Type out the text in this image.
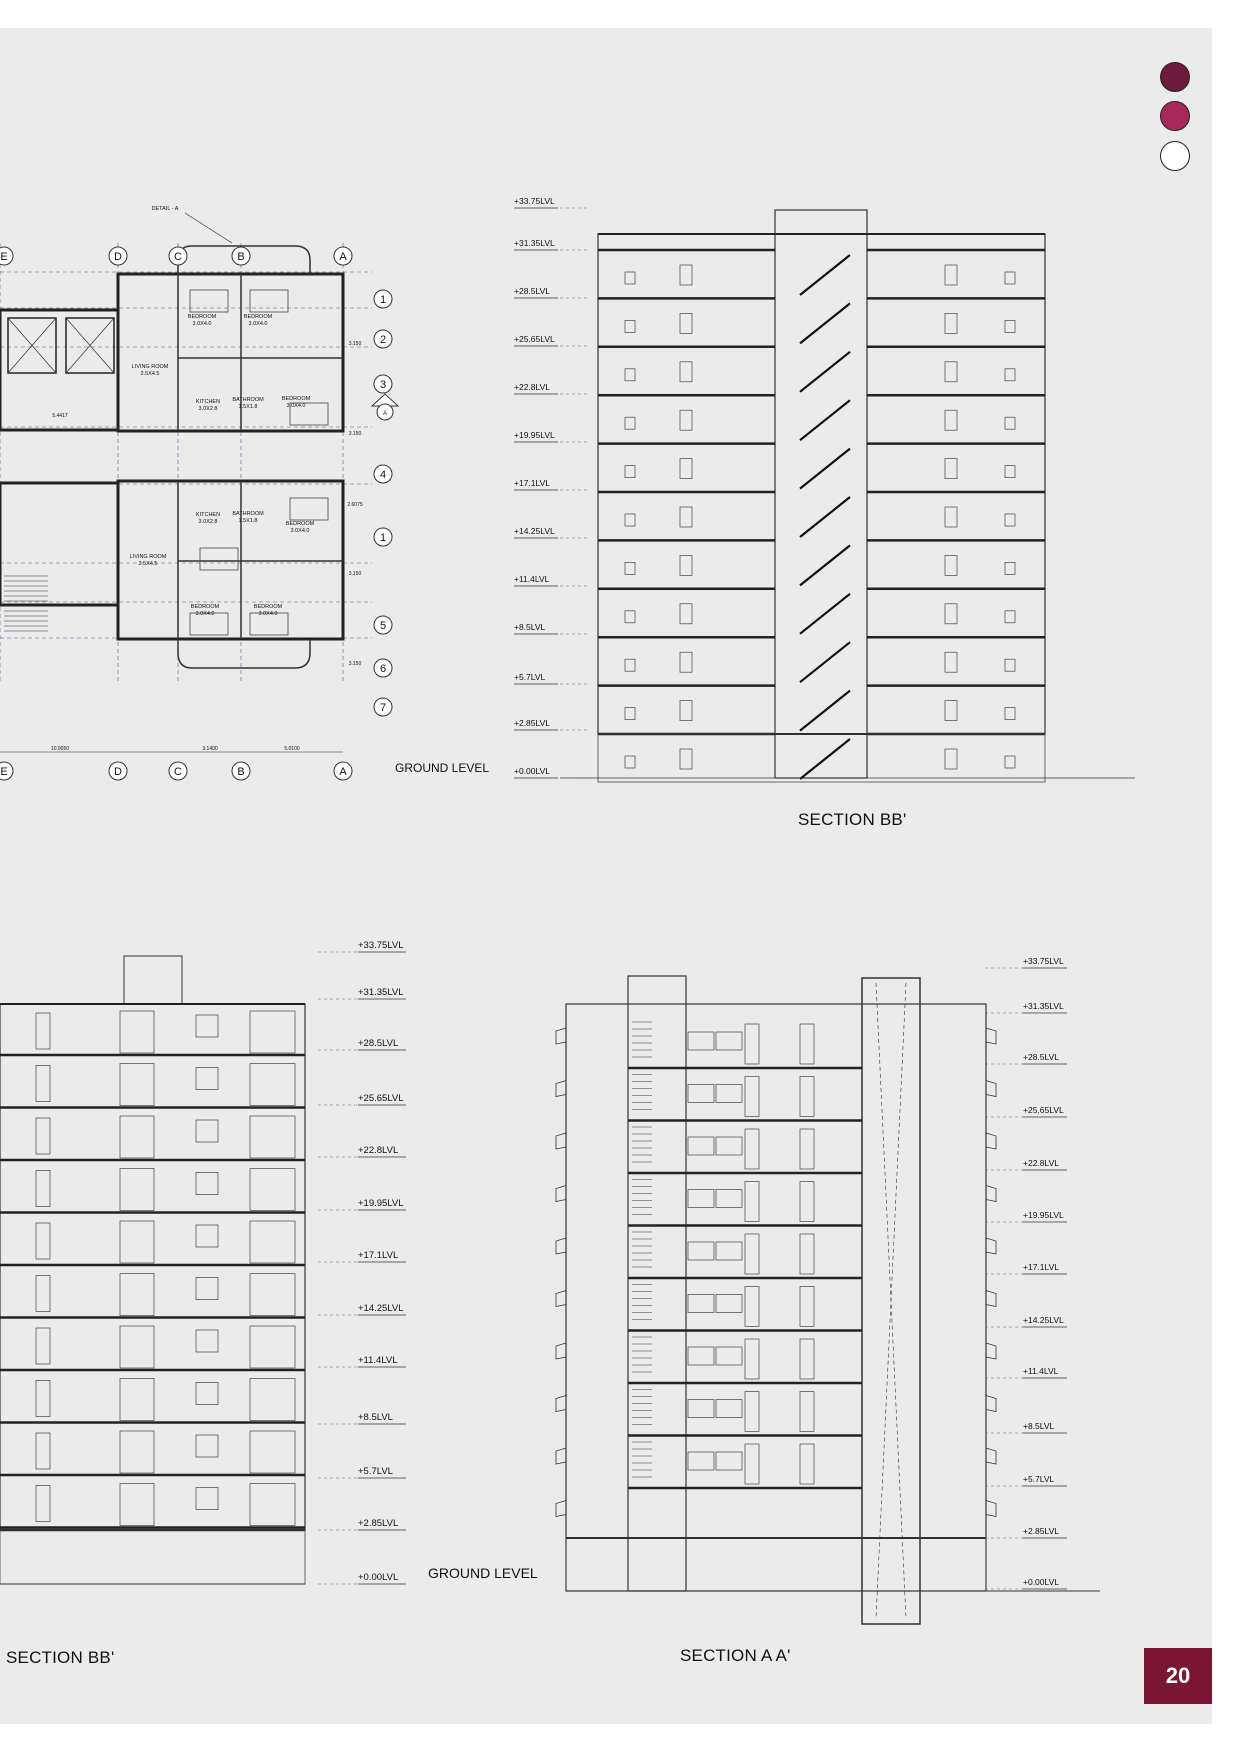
BEDROOM
3.0X4.0
BEDROOM
3.0X4.0
LIVING ROOM
2.5X4.5
KITCHEN
3.0X2.8
BATHROOM
1.5X1.8
BEDROOM
3.0X4.0
KITCHEN
3.0X2.8
BATHROOM
1.5X1.8	BEDROOM
3.0X4.0
LIVING ROOM
2.5X4.5
BEDROOM
3.0X4.0
BEDROOM
3.0X4.0
DETAIL - A
E	D	C	B	A
E	D	C	B	A
1
2
3
4
1
5
6
7
A
10.9050	3.1400	5.0100
5.4417
2.6075
3.150
3.150
3.150
3.150
GROUND LEVEL
+33.75LVL
+31.35LVL
+28.5LVL
+25.65LVL
+22.8LVL
+19.95LVL
+17.1LVL
+14.25LVL
+11.4LVL
+8.5LVL
+5.7LVL
+2.85LVL
+0.00LVL
GROUND LEVEL
+33.75LVL
+31.35LVL
+28.5LVL
+25.65LVL
+22.8LVL
+19.95LVL
+17.1LVL
+14.25LVL
+11.4LVL
+8.5LVL
+5.7LVL
+2.85LVL
+0.00LVL
+33.75LVL
+31.35LVL
+28.5LVL
+25.65LVL
+22.8LVL
+19.95LVL
+17.1LVL
+14.25LVL
+11.4LVL
+8.5LVL
+5.7LVL
+2.85LVL
+0.00LVL
SECTION BB'
SECTION BB'	SECTION A A'
20
